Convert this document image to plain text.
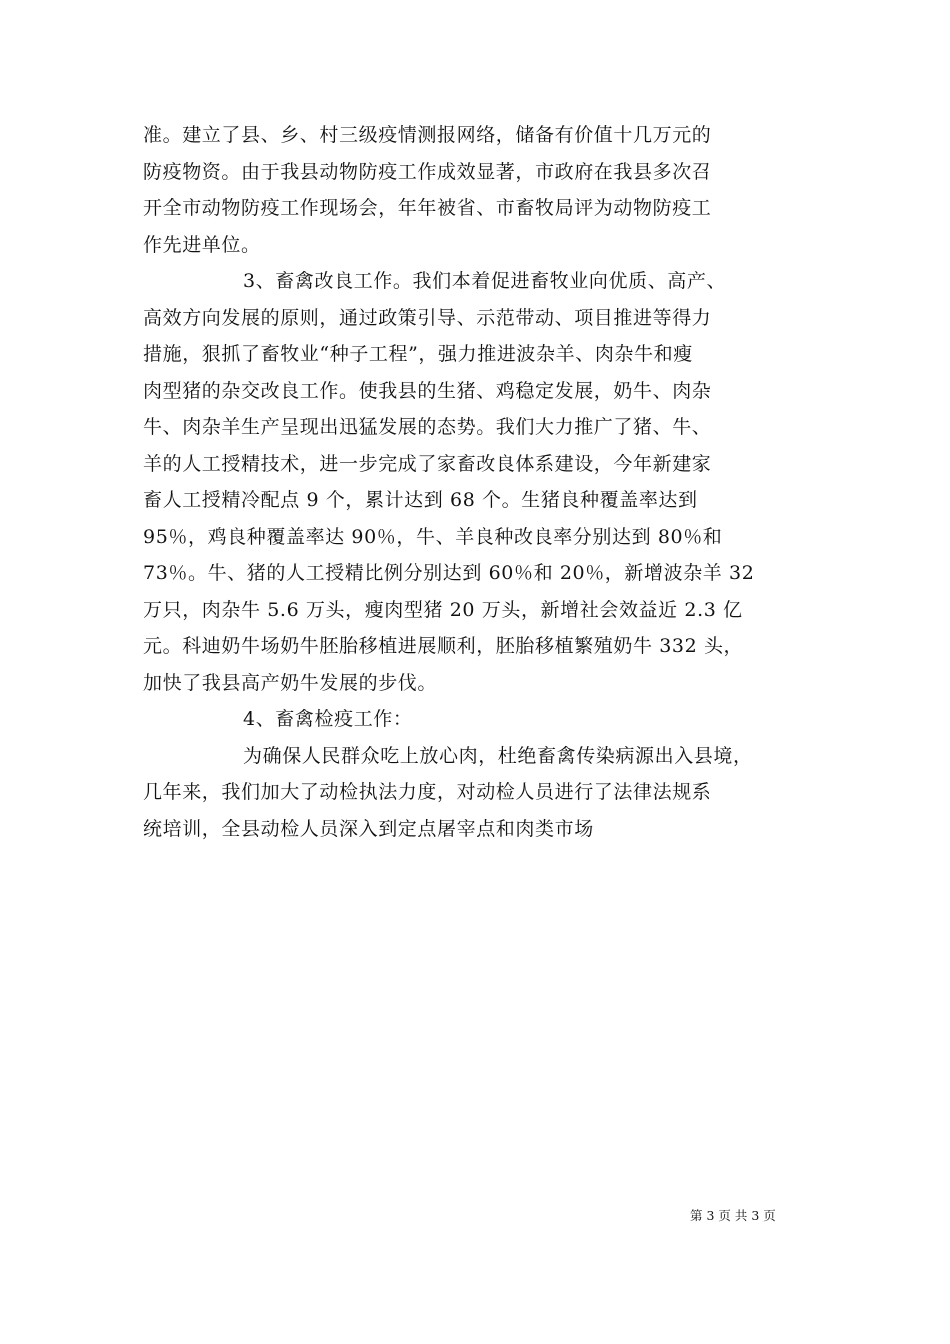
准。建立了县、乡、村三级疫情测报网络，储备有价值十几万元的
防疫物资。由于我县动物防疫工作成效显著，市政府在我县多次召
开全市动物防疫工作现场会，年年被省、市畜牧局评为动物防疫工
作先进单位。
3、畜禽改良工作。我们本着促进畜牧业向优质、高产、
高效方向发展的原则，通过政策引导、示范带动、项目推进等得力
措施，狠抓了畜牧业“种子工程”，强力推进波杂羊、肉杂牛和瘦
肉型猪的杂交改良工作。使我县的生猪、鸡稳定发展，奶牛、肉杂
牛、肉杂羊生产呈现出迅猛发展的态势。我们大力推广了猪、牛、
羊的人工授精技术，进一步完成了家畜改良体系建设，今年新建家
畜人工授精冷配点 9 个，累计达到 68 个。生猪良种覆盖率达到
95％，鸡良种覆盖率达 90％，牛、羊良种改良率分别达到 80％和
73％。牛、猪的人工授精比例分别达到 60％和 20％，新增波杂羊 32
万只，肉杂牛 5.6 万头，瘦肉型猪 20 万头，新增社会效益近 2.3 亿
元。科迪奶牛场奶牛胚胎移植进展顺利，胚胎移植繁殖奶牛 332 头，
加快了我县高产奶牛发展的步伐。
4、畜禽检疫工作：
为确保人民群众吃上放心肉，杜绝畜禽传染病源出入县境，
几年来，我们加大了动检执法力度，对动检人员进行了法律法规系
统培训，全县动检人员深入到定点屠宰点和肉类市场
第 3 页 共 3 页
